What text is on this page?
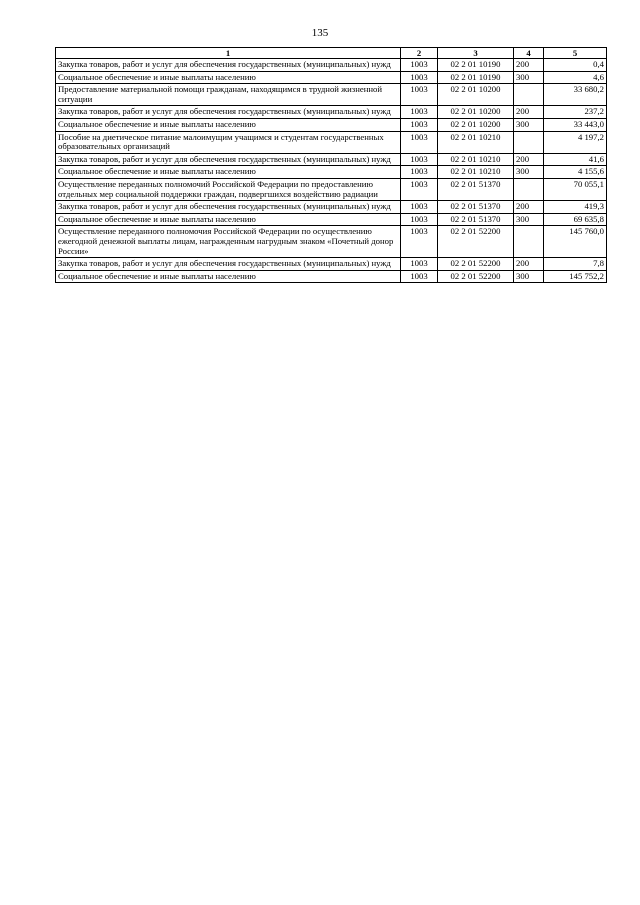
135
1	2	3	4	5
Закупка товаров, работ и услуг для обеспечения государственных (муниципальных) нужд	1003	02 2 01 10190	200	0,4
Социальное обеспечение и иные выплаты населению	1003	02 2 01 10190	300	4,6
Предоставление материальной помощи гражданам, находящимся в трудной жизненной ситуации	1003	02 2 01 10200		33 680,2
Закупка товаров, работ и услуг для обеспечения государственных (муниципальных) нужд	1003	02 2 01 10200	200	237,2
Социальное обеспечение и иные выплаты населению	1003	02 2 01 10200	300	33 443,0
Пособие на диетическое питание малоимущим учащимся и студентам государственных образовательных организаций	1003	02 2 01 10210		4 197,2
Закупка товаров, работ и услуг для обеспечения государственных (муниципальных) нужд	1003	02 2 01 10210	200	41,6
Социальное обеспечение и иные выплаты населению	1003	02 2 01 10210	300	4 155,6
Осуществление переданных полномочий Российской Федерации по предоставлению отдельных мер социальной поддержки граждан, подвергшихся воздействию радиации	1003	02 2 01 51370		70 055,1
Закупка товаров, работ и услуг для обеспечения государственных (муниципальных) нужд	1003	02 2 01 51370	200	419,3
Социальное обеспечение и иные выплаты населению	1003	02 2 01 51370	300	69 635,8
Осуществление переданного полномочия Российской Федерации по осуществлению ежегодной денежной выплаты лицам, награжденным нагрудным знаком «Почетный донор России»	1003	02 2 01 52200		145 760,0
Закупка товаров, работ и услуг для обеспечения государственных (муниципальных) нужд	1003	02 2 01 52200	200	7,8
Социальное обеспечение и иные выплаты населению	1003	02 2 01 52200	300	145 752,2
